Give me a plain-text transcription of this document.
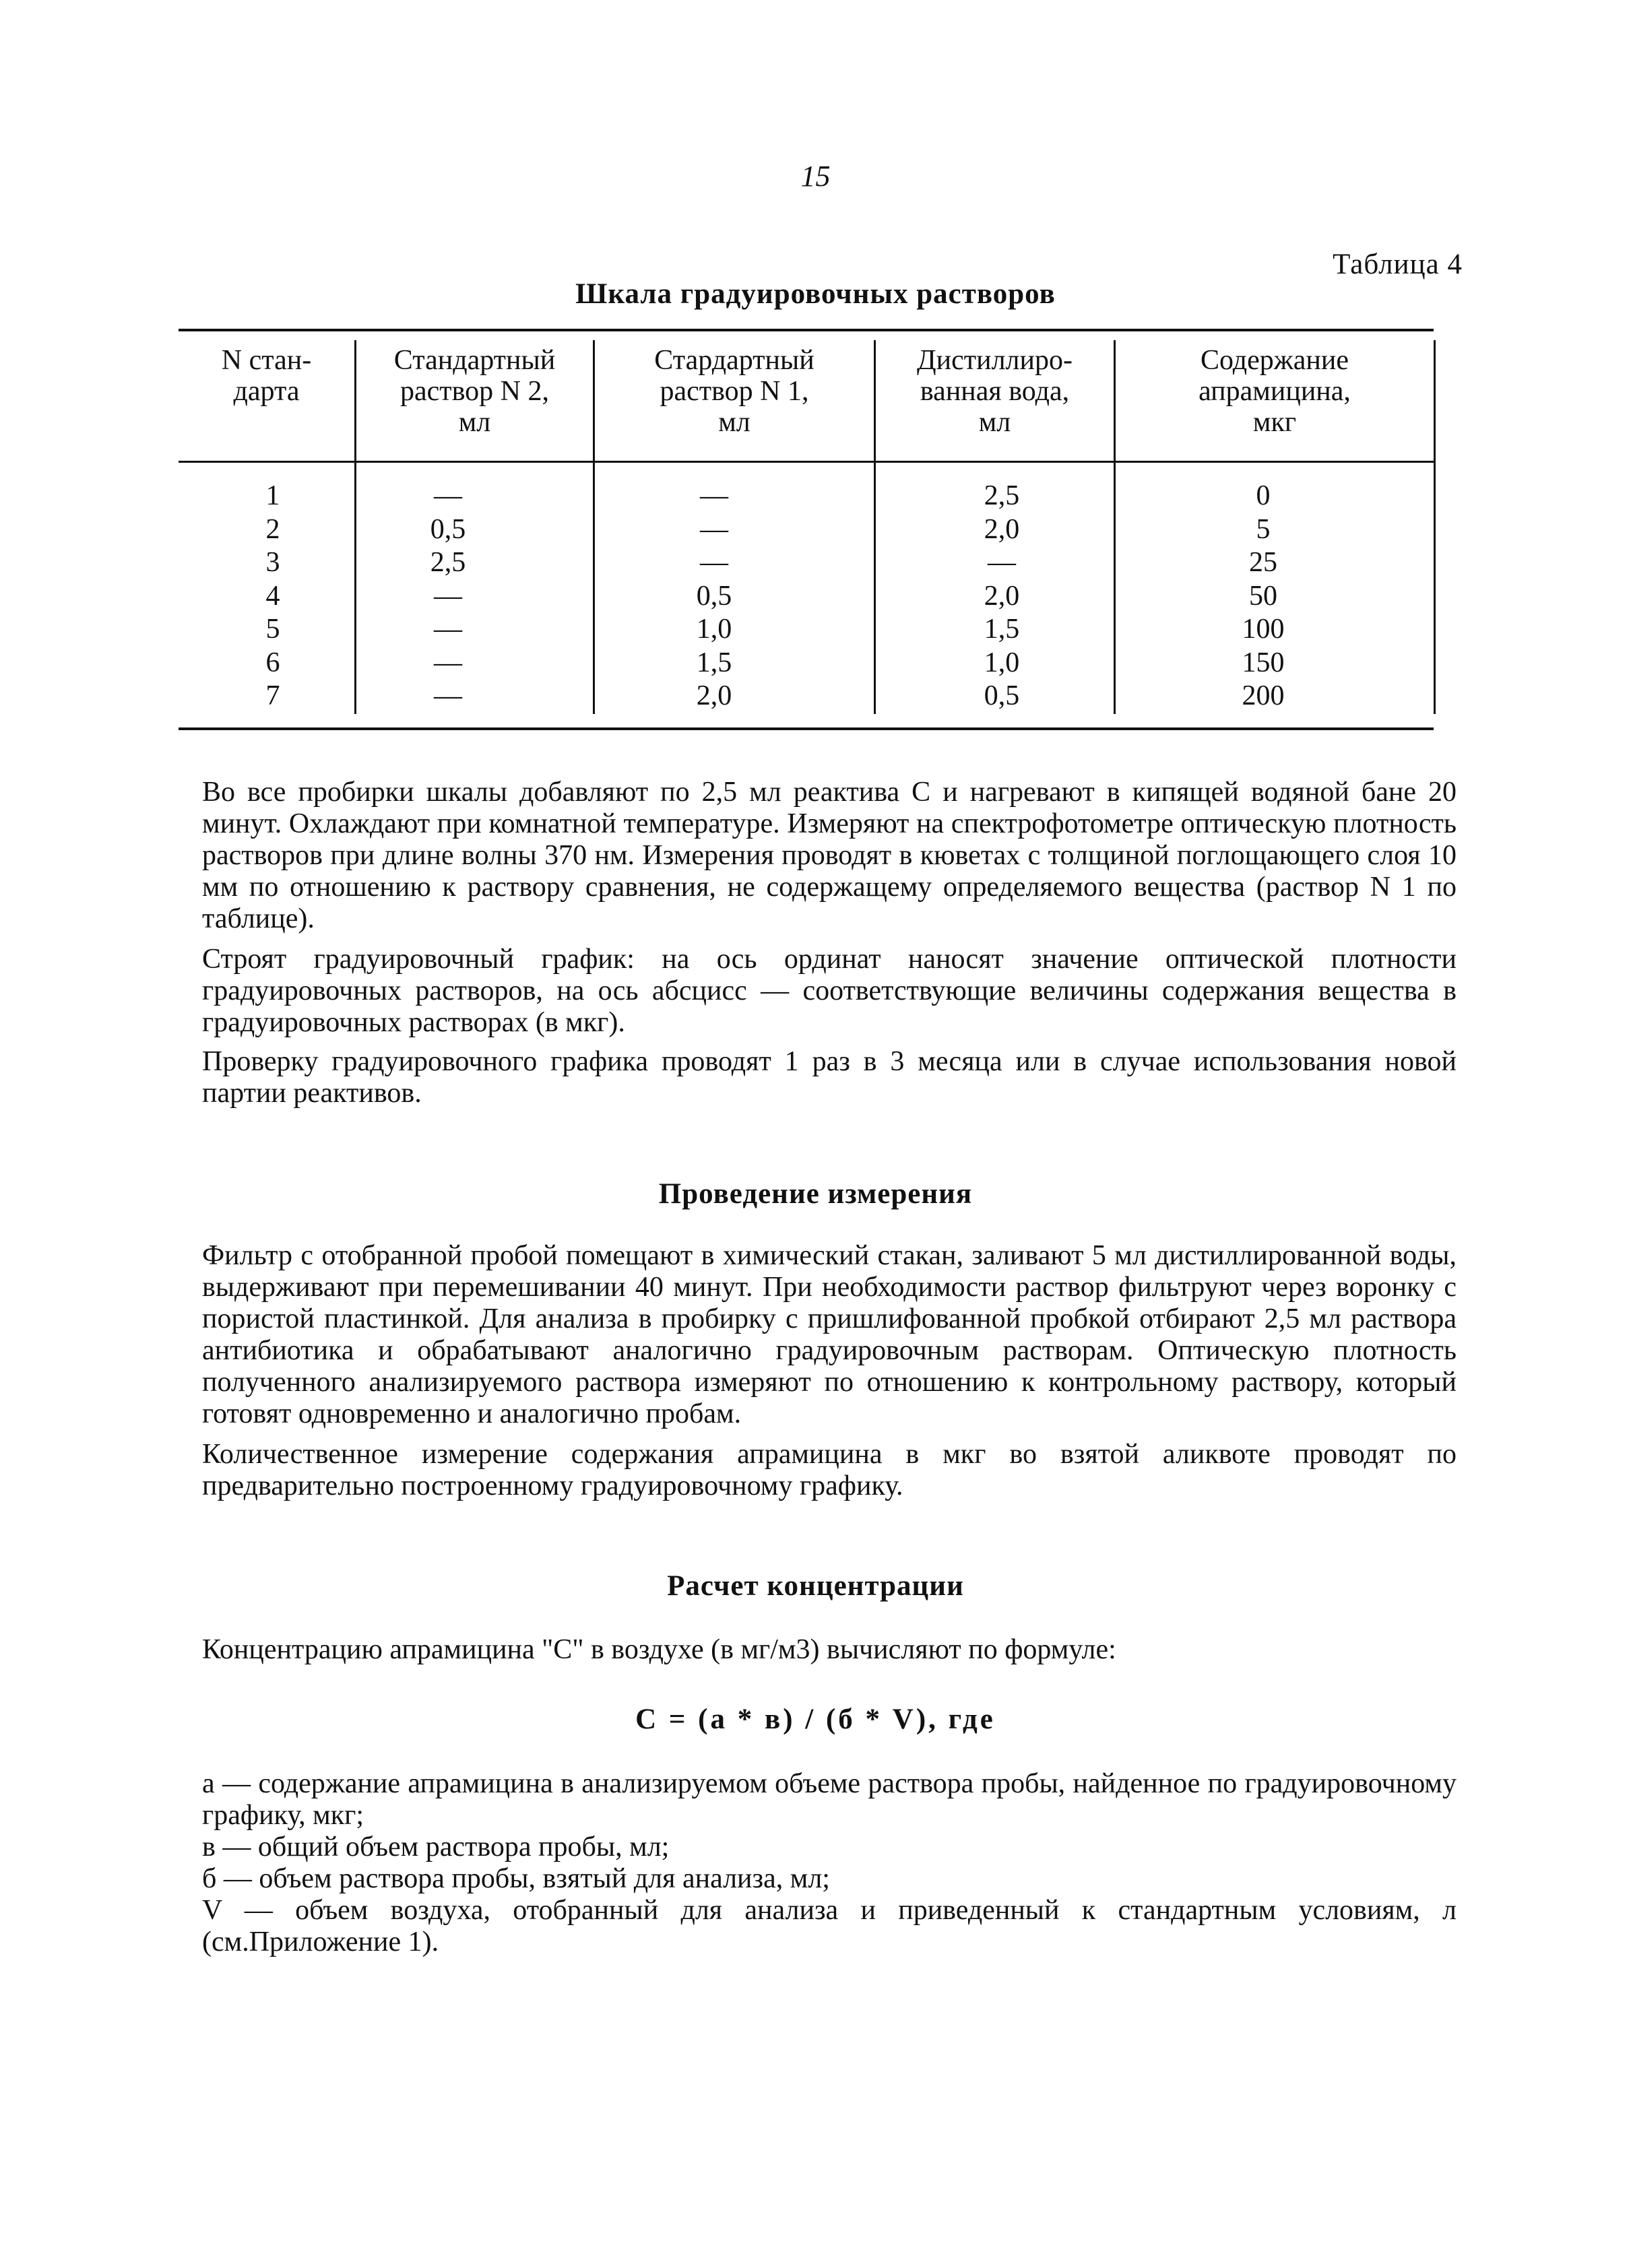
15
Таблица 4
Шкала градуировочных растворов
N стан-
дарта
Стандартный
раствор N 2,
мл
Стардартный
раствор N 1,
мл
Дистиллиро-
ванная вода,
мл
Содержание
апрамицина,
мкг
1
2
3
4
5
6
7
—
0,5
2,5
—
—
—
—
—
—
—
0,5
1,0
1,5
2,0
2,5
2,0
—
2,0
1,5
1,0
0,5
0
5
25
50
100
150
200

Во все пробирки шкалы добавляют по 2,5 мл реактива С и нагревают в кипящей водяной бане 20 минут. Охлаждают при комнатной температуре. Измеряют на спектрофотометре оптическую плотность растворов при длине волны 370 нм. Измерения проводят в кюветах с толщиной поглощающего слоя 10 мм по отношению к раствору сравнения, не содержащему определяемого вещества (раствор N 1 по таблице).

Строят градуировочный график: на ось ординат наносят значение оптической плотности градуировочных растворов, на ось абсцисс — соответствующие величины содержания вещества в градуировочных растворах (в мкг).

Проверку градуировочного графика проводят 1 раз в 3 месяца или в случае использования новой партии реактивов.

Проведение измерения

Фильтр с отобранной пробой помещают в химический стакан, заливают 5 мл дистиллированной воды, выдерживают при перемешивании 40 минут. При необходимости раствор фильтруют через воронку с пористой пластинкой. Для анализа в пробирку с пришлифованной пробкой отбирают 2,5 мл раствора антибиотика и обрабатывают аналогично градуировочным растворам. Оптическую плотность полученного анализируемого раствора измеряют по отношению к контрольному раствору, который готовят одновременно и аналогично пробам.

Количественное измерение содержания апрамицина в мкг во взятой аликвоте проводят по предварительно построенному градуировочному графику.

Расчет концентрации

Концентрацию апрамицина "С" в воздухе (в мг/м3) вычисляют по формуле:

С = (а * в) / (б * V), где

а — содержание апрамицина в анализируемом объеме раствора пробы, найденное по градуировочному графику, мкг;

в — общий объем раствора пробы, мл;

б — объем раствора пробы, взятый для анализа, мл;

V — объем воздуха, отобранный для анализа и приведенный к стандартным условиям, л (см.Приложение 1).
